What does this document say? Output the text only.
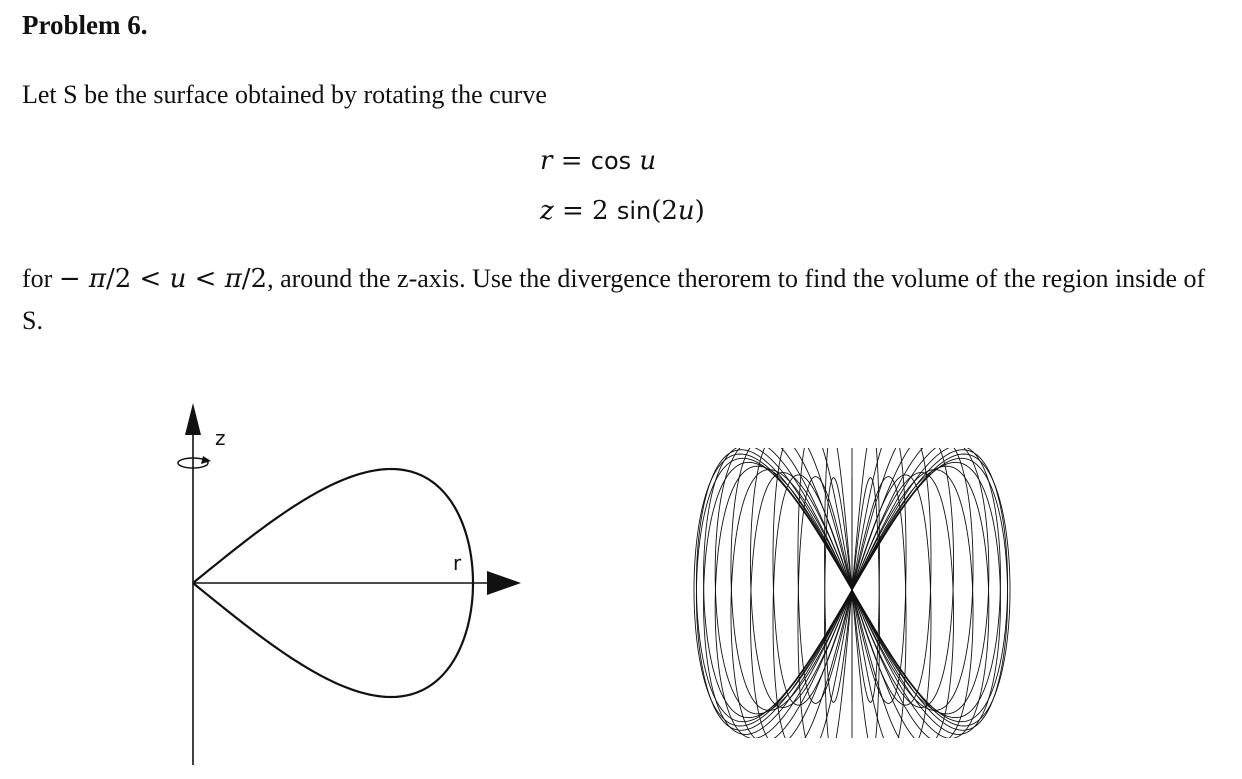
Problem 6.
Let S be the surface obtained by rotating the curve
r = cos u
z = 2 sin(2u)
for − π/2 < u < π/2, around the z-axis. Use the divergence therorem to find the volume of the region inside of S.
z
r
